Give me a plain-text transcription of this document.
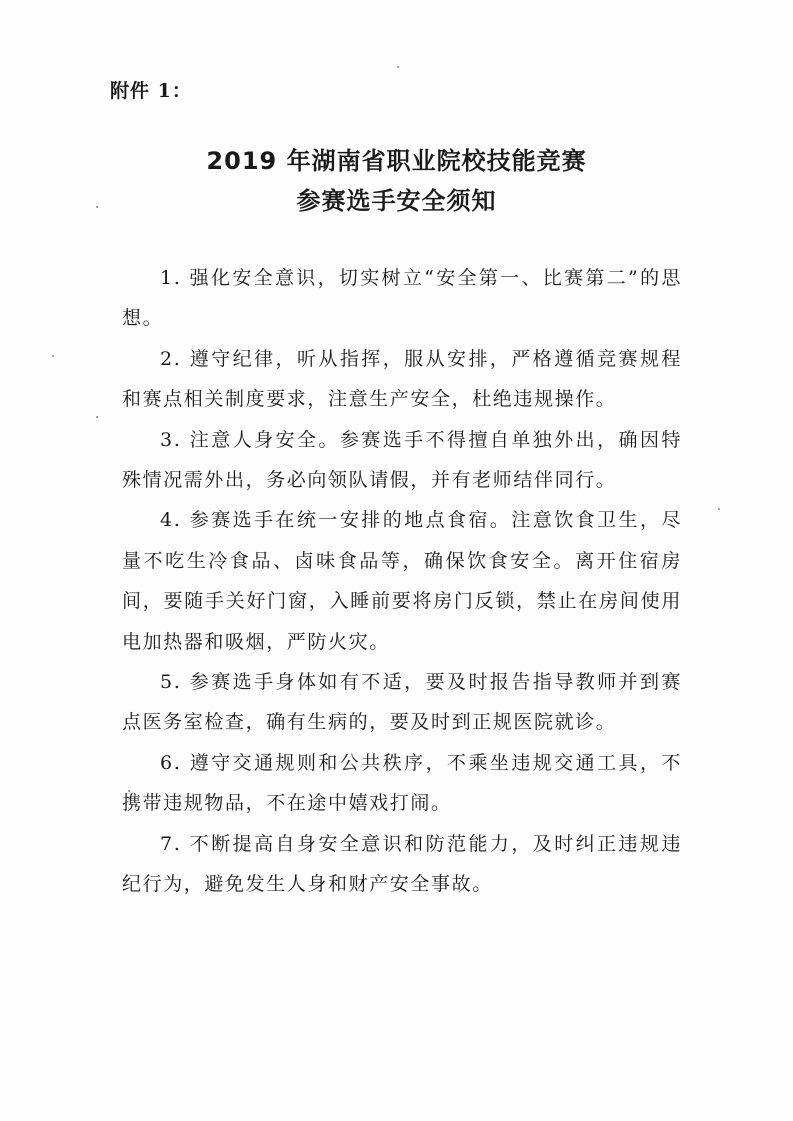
附件 1：
2019 年湖南省职业院校技能竞赛
参赛选手安全须知

1. 强化安全意识，切实树立“安全第一、比赛第二”的思想。

2. 遵守纪律，听从指挥，服从安排，严格遵循竞赛规程和赛点相关制度要求，注意生产安全，杜绝违规操作。

3. 注意人身安全。参赛选手不得擅自单独外出，确因特殊情况需外出，务必向领队请假，并有老师结伴同行。

4. 参赛选手在统一安排的地点食宿。注意饮食卫生，尽量不吃生冷食品、卤味食品等，确保饮食安全。离开住宿房间，要随手关好门窗，入睡前要将房门反锁，禁止在房间使用电加热器和吸烟，严防火灾。

5. 参赛选手身体如有不适，要及时报告指导教师并到赛点医务室检查，确有生病的，要及时到正规医院就诊。

6. 遵守交通规则和公共秩序，不乘坐违规交通工具，不携带违规物品，不在途中嬉戏打闹。

7. 不断提高自身安全意识和防范能力，及时纠正违规违纪行为，避免发生人身和财产安全事故。
